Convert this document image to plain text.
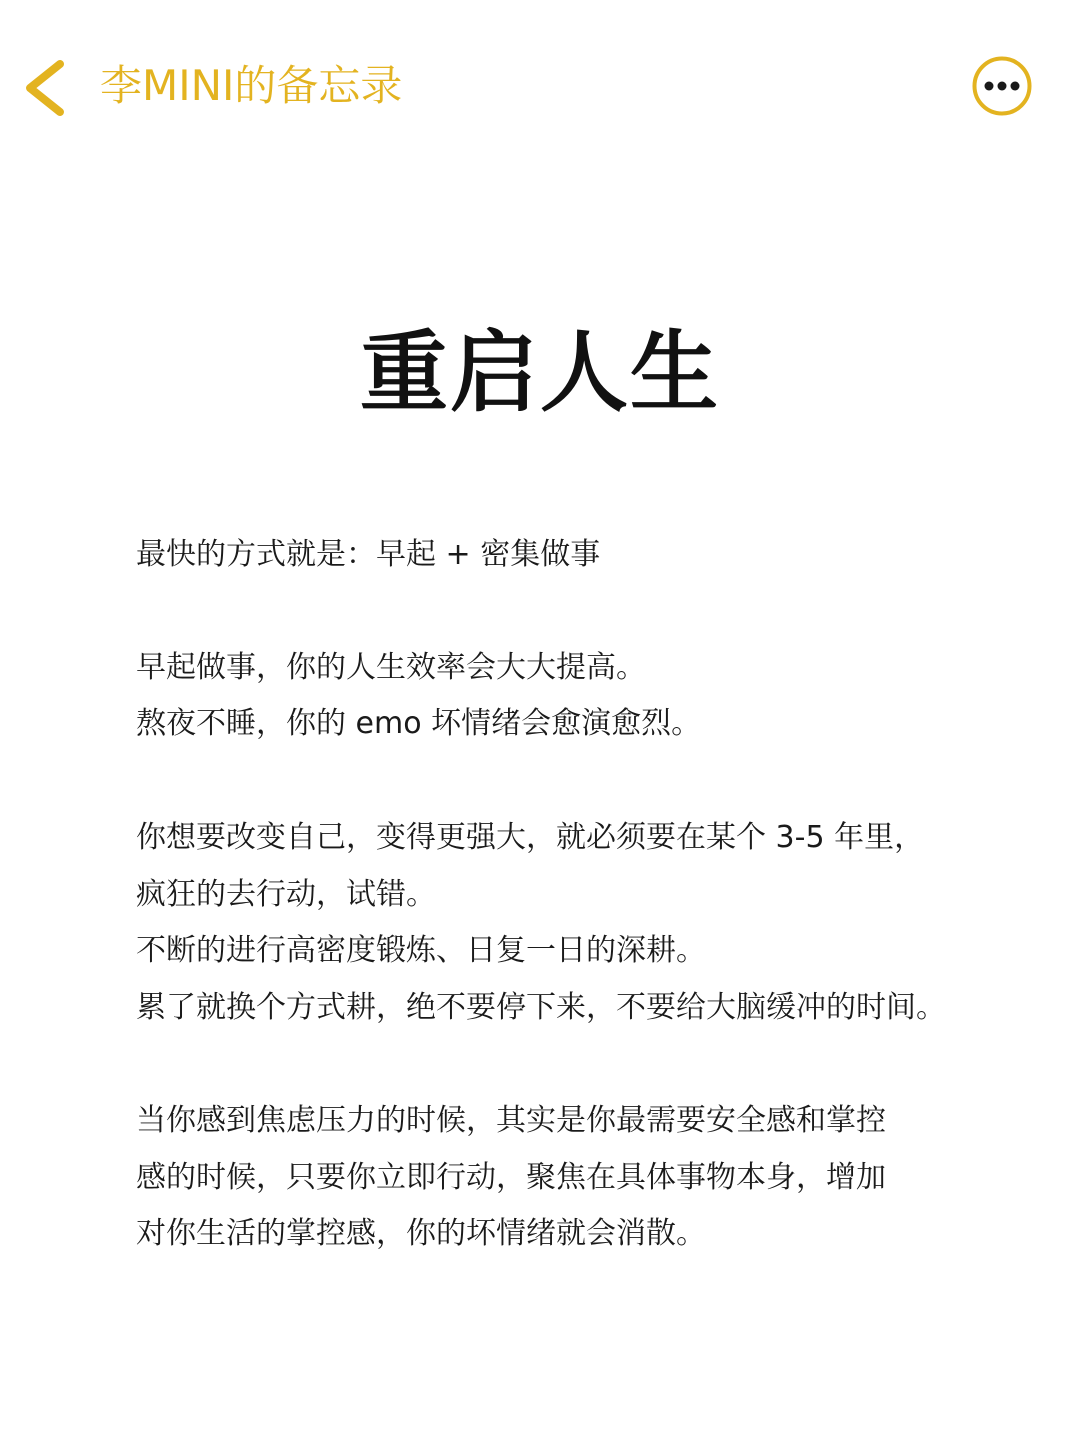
李MINI的备忘录
重启人生
最快的方式就是：早起 + 密集做事
早起做事，你的人生效率会大大提高。
熬夜不睡，你的 emo 坏情绪会愈演愈烈。
你想要改变自己，变得更强大，就必须要在某个 3-5 年里，
疯狂的去行动，试错。
不断的进行高密度锻炼、日复一日的深耕。
累了就换个方式耕，绝不要停下来，不要给大脑缓冲的时间。
当你感到焦虑压力的时候，其实是你最需要安全感和掌控
感的时候，只要你立即行动，聚焦在具体事物本身，增加
对你生活的掌控感，你的坏情绪就会消散。
